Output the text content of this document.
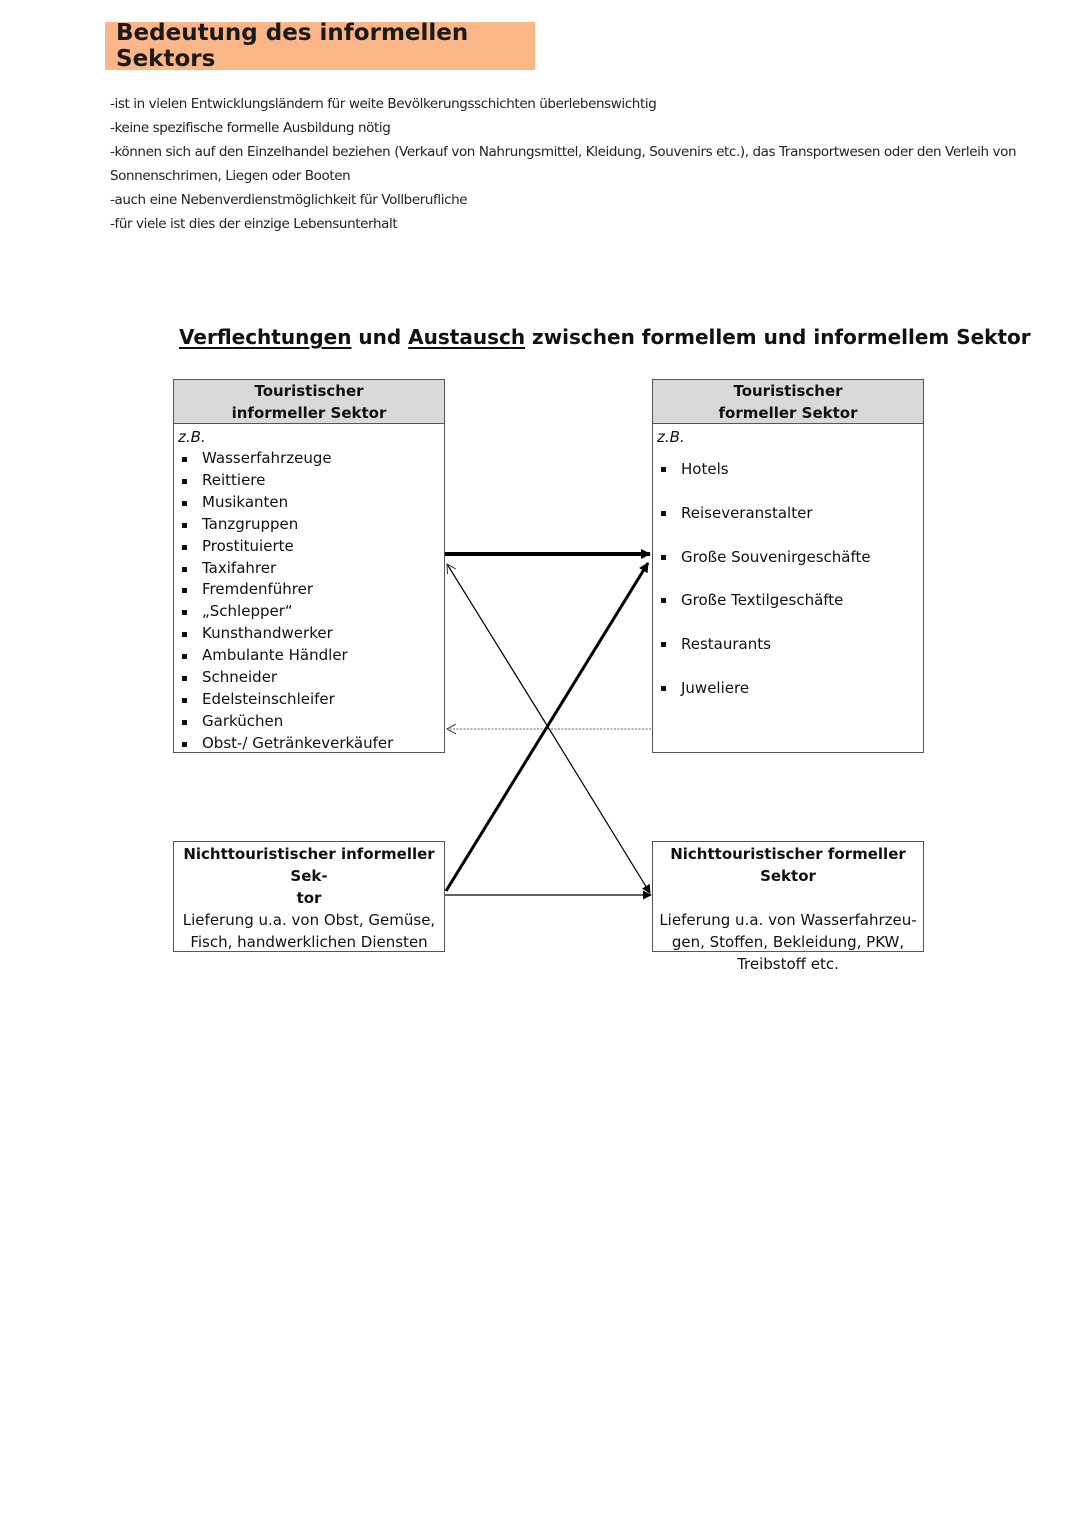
Bedeutung des informellen Sektors
-ist in vielen Entwicklungsländern für weite Bevölkerungsschichten überlebenswichtig
-keine spezifische formelle Ausbildung nötig
-können sich auf den Einzelhandel beziehen (Verkauf von Nahrungsmittel, Kleidung, Souvenirs etc.), das Transportwesen oder den Verleih von Sonnenschrimen, Liegen oder Booten
-auch eine Nebenverdienstmöglichkeit für Vollberufliche
-für viele ist dies der einzige Lebensunterhalt
Verflechtungen und Austausch zwischen formellem und informellem Sektor
Touristischer
informeller Sektor
z.B.
Wasserfahrzeuge
Reittiere
Musikanten
Tanzgruppen
Prostituierte
Taxifahrer
Fremdenführer
„Schlepper“
Kunsthandwerker
Ambulante Händler
Schneider
Edelsteinschleifer
Garküchen
Obst-/ Getränkeverkäufer
Touristischer
formeller Sektor
z.B.
Hotels
Reiseveranstalter
Große Souvenirgeschäfte
Große Textilgeschäfte
Restaurants
Juweliere
Nichttouristischer informeller Sek-
tor
Lieferung u.a. von Obst, Gemüse,
Fisch, handwerklichen Diensten
Nichttouristischer formeller Sektor
Lieferung u.a. von Wasserfahrzeu-
gen, Stoffen, Bekleidung, PKW,
Treibstoff etc.
